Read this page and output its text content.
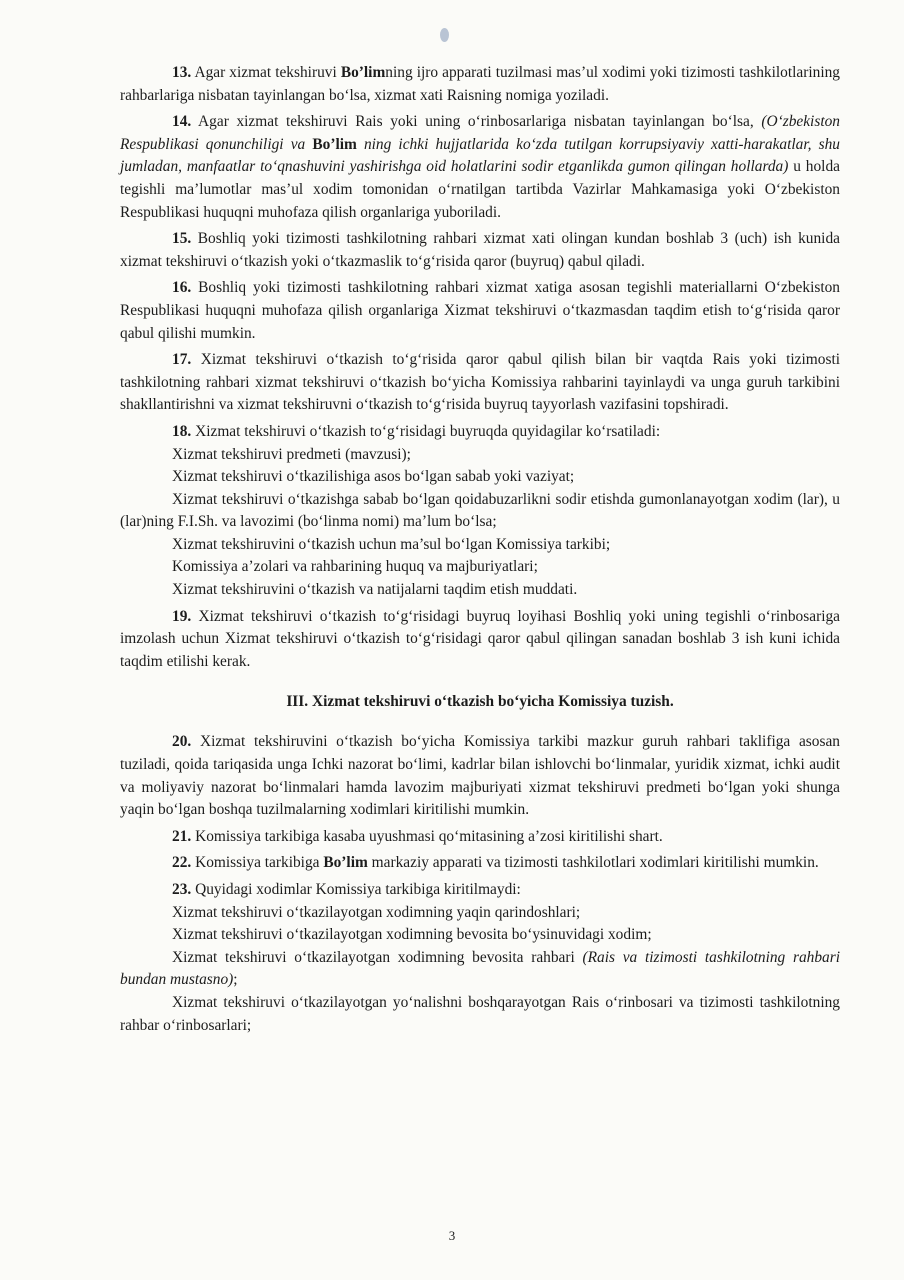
13. Agar xizmat tekshiruvi Bo’limning ijro apparati tuzilmasi mas’ul xodimi yoki tizimosti tashkilotlarining rahbarlariga nisbatan tayinlangan bo‘lsa, xizmat xati Raisning nomiga yoziladi.

14. Agar xizmat tekshiruvi Rais yoki uning o‘rinbosarlariga nisbatan tayinlangan bo‘lsa, (O‘zbekiston Respublikasi qonunchiligi va Bo’lim ning ichki hujjatlarida ko‘zda tutilgan korrupsiyaviy xatti-harakatlar, shu jumladan, manfaatlar to‘qnashuvini yashirishga oid holatlarini sodir etganlikda gumon qilingan hollarda) u holda tegishli ma’lumotlar mas’ul xodim tomonidan o‘rnatilgan tartibda Vazirlar Mahkamasiga yoki O‘zbekiston Respublikasi huquqni muhofaza qilish organlariga yuboriladi.

15. Boshliq yoki tizimosti tashkilotning rahbari xizmat xati olingan kundan boshlab 3 (uch) ish kunida xizmat tekshiruvi o‘tkazish yoki o‘tkazmaslik to‘g‘risida qaror (buyruq) qabul qiladi.

16. Boshliq yoki tizimosti tashkilotning rahbari xizmat xatiga asosan tegishli materiallarni O‘zbekiston Respublikasi huquqni muhofaza qilish organlariga Xizmat tekshiruvi o‘tkazmasdan taqdim etish to‘g‘risida qaror qabul qilishi mumkin.

17. Xizmat tekshiruvi o‘tkazish to‘g‘risida qaror qabul qilish bilan bir vaqtda Rais yoki tizimosti tashkilotning rahbari xizmat tekshiruvi o‘tkazish bo‘yicha Komissiya rahbarini tayinlaydi va unga guruh tarkibini shakllantirishni va xizmat tekshiruvni o‘tkazish to‘g‘risida buyruq tayyorlash vazifasini topshiradi.

18. Xizmat tekshiruvi o‘tkazish to‘g‘risidagi buyruqda quyidagilar ko‘rsatiladi:

Xizmat tekshiruvi predmeti (mavzusi);

Xizmat tekshiruvi o‘tkazilishiga asos bo‘lgan sabab yoki vaziyat;

Xizmat tekshiruvi o‘tkazishga sabab bo‘lgan qoidabuzarlikni sodir etishda gumonlanayotgan xodim (lar), u (lar)ning F.I.Sh. va lavozimi (bo‘linma nomi) ma’lum bo‘lsa;

Xizmat tekshiruvini o‘tkazish uchun ma’sul bo‘lgan Komissiya tarkibi;

Komissiya a’zolari va rahbarining huquq va majburiyatlari;

Xizmat tekshiruvini o‘tkazish va natijalarni taqdim etish muddati.

19. Xizmat tekshiruvi o‘tkazish to‘g‘risidagi buyruq loyihasi Boshliq yoki uning tegishli o‘rinbosariga imzolash uchun Xizmat tekshiruvi o‘tkazish to‘g‘risidagi qaror qabul qilingan sanadan boshlab 3 ish kuni ichida taqdim etilishi kerak.

III. Xizmat tekshiruvi o‘tkazish bo‘yicha Komissiya tuzish.

20. Xizmat tekshiruvini o‘tkazish bo‘yicha Komissiya tarkibi mazkur guruh rahbari taklifiga asosan tuziladi, qoida tariqasida unga Ichki nazorat bo‘limi, kadrlar bilan ishlovchi bo‘linmalar, yuridik xizmat, ichki audit va moliyaviy nazorat bo‘linmalari hamda lavozim majburiyati xizmat tekshiruvi predmeti bo‘lgan yoki shunga yaqin bo‘lgan boshqa tuzilmalarning xodimlari kiritilishi mumkin.

21. Komissiya tarkibiga kasaba uyushmasi qo‘mitasining a’zosi kiritilishi shart.

22. Komissiya tarkibiga Bo’lim markaziy apparati va tizimosti tashkilotlari xodimlari kiritilishi mumkin.

23. Quyidagi xodimlar Komissiya tarkibiga kiritilmaydi:

Xizmat tekshiruvi o‘tkazilayotgan xodimning yaqin qarindoshlari;

Xizmat tekshiruvi o‘tkazilayotgan xodimning bevosita bo‘ysinuvidagi xodim;

Xizmat tekshiruvi o‘tkazilayotgan xodimning bevosita rahbari (Rais va tizimosti tashkilotning rahbari bundan mustasno);

Xizmat tekshiruvi o‘tkazilayotgan yo‘nalishni boshqarayotgan Rais o‘rinbosari va tizimosti tashkilotning rahbar o‘rinbosarlari;

3
